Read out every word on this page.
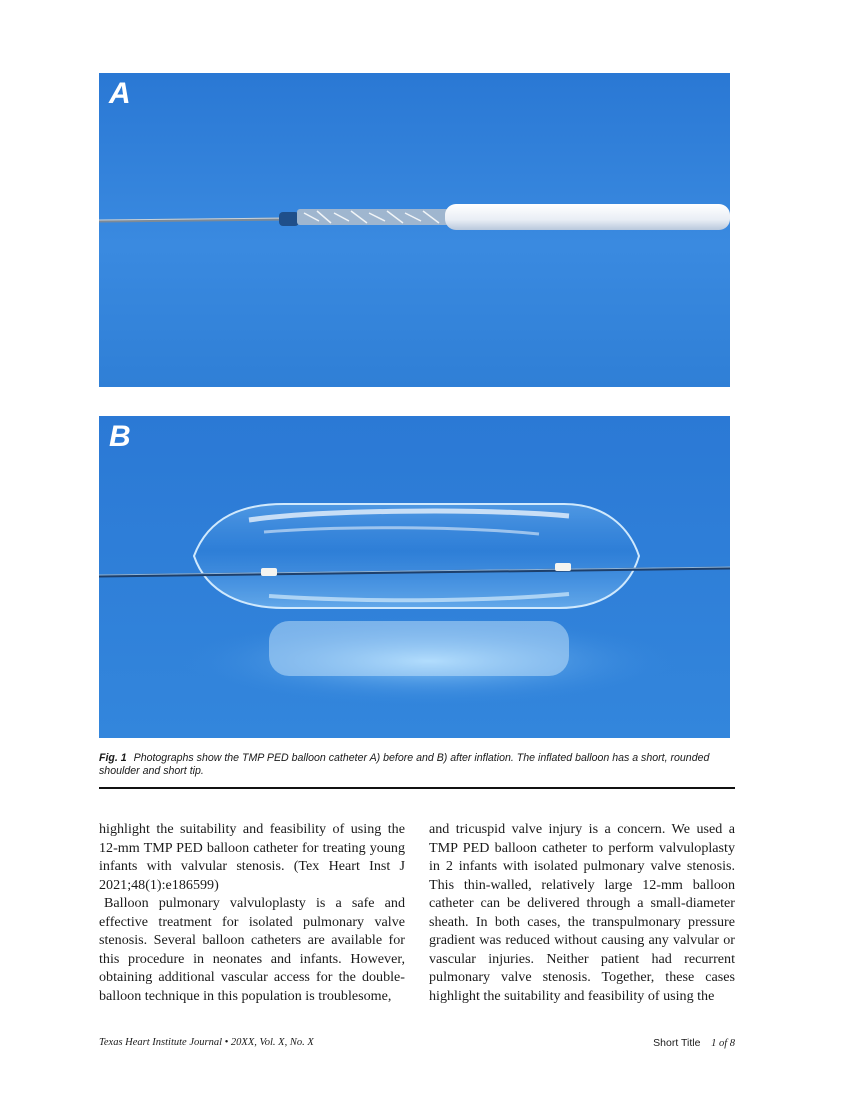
A
B
Fig. 1 Photographs show the TMP PED balloon catheter A) before and B) after inflation. The inflated balloon has a short, rounded shoulder and short tip.

highlight the suitability and feasibility of using the 12-mm TMP PED balloon catheter for treating young infants with valvular stenosis. (Tex Heart Inst J 2021;48(1):e186599)

Balloon pulmonary valvuloplasty is a safe and effective treatment for isolated pulmonary valve stenosis. Several balloon catheters are available for this procedure in neonates and infants. However, obtaining additional vascular access for the double-balloon technique in this population is troublesome,

and tricuspid valve injury is a concern. We used a TMP PED balloon catheter to perform valvuloplasty in 2 infants with isolated pulmonary valve stenosis. This thin-walled, relatively large 12-mm balloon catheter can be delivered through a small-diameter sheath. In both cases, the transpulmonary pressure gradient was reduced without causing any valvular or vascular injuries. Neither patient had recurrent pulmonary valve stenosis. Together, these cases highlight the suitability and feasibility of using the

Texas Heart Institute Journal • 20XX, Vol. X, No. X	Short Title 1 of 8
